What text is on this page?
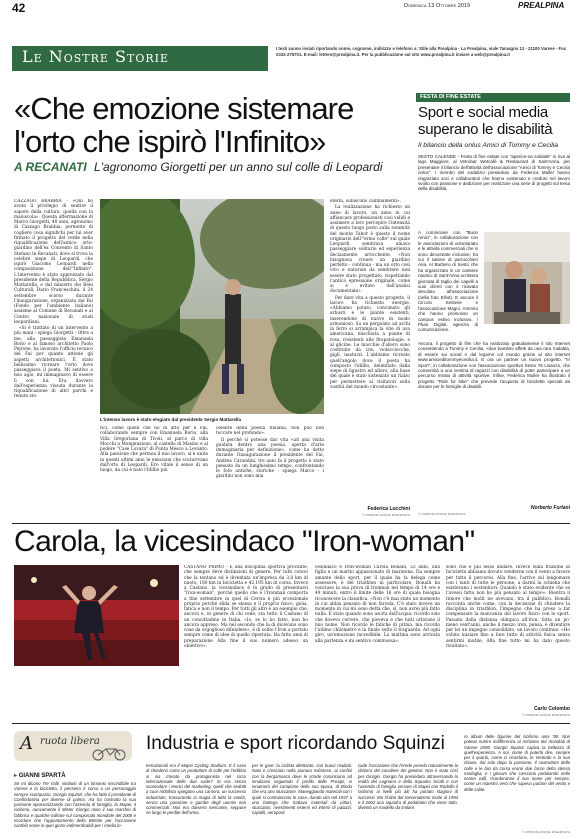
42	Domenica 13 Ottobre 2019	PREALPINA
Le Nostre Storie	I testi vanno inviati riportando nome, cognome, indirizzo e telefono a: Stile alla Prealpina - La Prealpina, viale Tamagno 13 - 21100 Varese - Fax 0332-275701. E-mail: lettere@prealpina.it. Per la pubblicazione sul sito www.prealpina.it inviare a web@prealpina.it
«Che emozione sistemare l'orto che ispirò l'Infinito»
A RECANATI L'agronomo Giorgetti per un anno sul colle di Leopardi

CAZZAGO BRABBIA - «Qui ho avuto il privilegio di sentire il sapore della cultura, quella con la maiuscola». Questa affermazione di Marco Giorgetti, 40 anni, agronomo di Cazzago Brabbia, permette di cogliere cosa significhi per lui aver firmato il progetto del verde nella riqualificazione dell'antico orto-giardino dell'ex Convento di Santo Stefano in Recanati, dove si trova la celebre siepe di Leopardi, che ispirò Giacomo Leopardi nella composizione dell'"Infinito". L'intervento è stato apprezzato dal presidente della Repubblica, Sergio Mattarella, e dal ministro dei Beni Culturali, Dario Franceschini, il 24 settembre scorso durante l'inaugurazione, organizzata dal Fai (Fondo per l'ambiente italiano) assieme al Comune di Recanati e al Centro nazionale di studi leopardiani.

«Si è trattato di un intervento a più mani - spiega Giorgetti - Oltre a me, alla paesaggista Emanuela Borio e al famoso architetto Paolo Pejrone, ha lavorato l'ufficio tecnico del Fai per quanto attiene gli aspetti architettonici. È stato bellissimo ricreare l'orto dove passeggiava il poeta. Mi sentivo a mio agio, mi immaginavo di essere lì con lui. Era davvero dall'esperienza vissuta durante la riqualificazione di altri parchi e tenute sto-

L'intenso lavoro è stato elogiato dal presidente Sergio Mattarella

rici, come quelli che ho in atto per il Fai, collaborando sempre con Emanuela Borio, alla Villa Gregoriana di Tivoli, al parco di villa Mocchi a Mongenzione, al castello di Masino e al podere "Case Lovara" di Punta Mesco a Levanto. Alla passione che permea il mio lavoro, si è unita in questi ultimi anni le emozioni che scaturivano dall'orto di Leopardi. Ero vitale il senso di un luogo, da cui è nato l'Idillio più

celebre della poesia italiana, non può non toccare nel profondo».

Il perché si potesse dar vita «ad una visita guidata dentro una poesia, aperta d'arte immaginaria per definizione», come ha detto durante l'inaugurazione il presidente del Fai, Andrea Carandini, tre anni fa il progetto è stato pensato da un lunghissimo tempo, confrontando le foto antiche, storiche - spiega Marco - i giardini non sono mai

eterni, subiscono cambiamenti».

La realizzazione ha richiesto un anno di lavoro, un anno in cui affiancare professionisti così validi e assimere a loro percepire l'intensità di questo luogo posto sulla sommità del monte Tabor è questo il nome originario dell'"ermo colle" sul quale Leopardi sembrava amava passeggiare solitario ed esperienza decisamente arricchente. «Non bisognava creare un giardino perfetto - continua - ma un orto così vivo e naturale da sembrare non essere stato progettato, rispettando l'antica epressione originale, come si è evitato dall'analisi documentale».

Per dare vita a questo progetto, il lavoro ha richiesto energie. «Abbiamo potato, concimato gli arbusti e le piante esistenti, inserendone di nuove in modo armonioso. Su un pergolato ad archi in ferro si arrampica la vite di uva americana, mischiata a piante di rosa, resistenti alle fitopatologie, e al glicine. Le macchie d'alloro sono costituite da iris, violacciocche, gigli, nasturzi. L'abbiamo ricreato quell'angolo dove il poeta ha composto l'idillio, delimitato dalla siepe di ligustro ed alloro, alla base del quale è stato sistemato un rialzo per permettere ai visitatori sulla vastità del mondo circostante».

Federica Lucchini
© RIPRODUZIONE RISERVATA
FESTA DI FINE ESTATE
Sport e social media superano le disabilità
Il bilancio della onlus Amici di Tommy e Cecilia
SESTO CALENDE - Festa di fine estate con "aperice-na solidale" in riva al lago Maggiore, al Vetrobar Wetcafè & Restaurant di Sant'Anna, per presentare il bilancio dell'attività dell'associazione "Amici di Tommy e Cecilia onlus". I membri del sodalizio presieduto da Federica Muller hanno ringraziato soci e collaboratori che hanno sostenuto e creduto nel lavoro svolto con passione e dedizione per realizzare una serie di progetti sul tema della disabilità.
A cominciare con "Buon Amici", in collaborazione con le associazioni di volontariato e le attività commerciali che si sono dimostrate inclusive, tra cui il salone di parrucchieri Aria. Al Barbero di Sesto che ha organizzato in un cantiere nautico di Sant'Anna un'intera giornata di taglio dei capelli a suoi clienti con il ricavato devoluto all'associazione (nella foto Elliot). E ancora il Circolo Sestese e l'associazione Magni. Ammiro che hanno promosso un campus estivo inclusivo, i Pluto Digital, agenzia di comunicazione.
Ancora, il progetto di film che ha realizzato gratuitamente il sito Internet consentendo a Tommy e Cecilia, «due bambini affetti da una rara malattia, di essere sui social e dal legame col mondo grazie al sito internet www.amicieditommyececilia.it. E ora un partner un nuovo progetto, "In Sport", in collaborazione con l'associazione sportiva Sesto 76 Lisanza, che consentirà a una ventina di ragazzi con disabilità di poter partecipare a un percorso mirato di attività sportive. Infine, Federica Muller ha illustrato il progetto "Ride for bike" che prevede l'acquisto di biciclette speciali da donare per le famiglie di disabili.
Norberto Furlani
© RIPRODUZIONE RISERVATA
Carola, la vicesindaco "Iron-woman"
CASTANO PRIMO - È una disciplina sportiva provante, che sempre deve distinzioni di genere. Per tutti coloro che la tentano ed è diventata un'impresa da 3,8 km di nuoto, 180 km in bicicletta e 42,195 km di corsa. Invece a Castano, la vicesindaco è in grado di presentarsi "Iron-woman", perché quello che è l'Ironman comporta a fine settembre in quel di Cervia è più eccezionale proprio perché sfida se stessa e il proprio fisico, gioia, fatica e non il tempo. Per tutti gli altri è un esempio che, ancora e, in genere di chi vede, sta tutto il Castano di un concittadino in Italia. «Io, se lo ho fatto, non ho ancora appreso. Ma nel secondo che la di dicevano sono cose da orgoglioso difendere», è di solito l'Iron a portato sempre come di idee di quello riportata. Ha fatto anni di preparazione Alla fine il suo numero adesso un obiettivo».
cesindaco e Iron-woman Carola Bonalli, 53 anni, una figlia e un marito appassionato di maratona. Da sempre amante dello sport, per il quale ha la delega come assessore, è del triathlon in particolare, Bonalli ha concluso la sua prova di Ironman nel tempo di 14 ore e 49 minuti, entro il limite delle 16 ore di quale bisogna riconoscere la classifica. «Non c'è mai stato un momento in cui abbia pensato di non farcela. C'è stato invece un momento in cui mi sono detta che, sì, non avrei più fatto nulla. È stato quando sono uscita dall'acqua: ricordo solo che dovevo correre, che pioveva e che tutti urlavano il mio nome. Non ricordo le fatiche di prima, ma ricordo l'ultimo chilometro e la finale sotto il traguardo. Ad ogni giro, un'emozione incredibile. La mattina sono arrivata alla partenza e mi sentivo commossa».
sono che è più lesso andare. Invece sulla frazione in bicicletta abbiamo dovuto venderne con il vento a favore per tutto il percorso. Alla fine, l'arrivo sul lungomare con i tanti di tutte le persone, a darmi la schiena che esistevano i sostenitori: Quando è stato evidente che se l'avessi fatto non ho più pensato al tempo». Rientra il timore che molti ne avevano, tra il pubblico. Bonalli racconta anche come, con la decisione di chiudere la disciplina in triathlon, l'impegno che ha preso a far compensare la mancanza del lavoro fisico con lo sport. Passata dalla distanza olimpica all'iron, fatta un po' meno vent'anni, anche il mezzo iron, pensa, è diventare per lei un impegno consolidato, un lavoro continuo. «Ho voluto iniziare fino a fare tutto di attività fisica senza sentirmi inutile. Alla fine tutto mi ha dato questo risultato».
Carlo Colombo
© RIPRODUZIONE RISERVATA
A ruota libera
▸ GIANNI SPARTÀ
Industria e sport ricordando Squinzi
Se mi dicono Tre Valli, simbolo di un binomio inscindibile tra Varese e la bicicletta, il pensiero è corso a un personaggio sempre scomparso, Giorgio Squinzi, che ha fatto il presidente di Confindustria per diverse di palma, ma ha costruito la sua passione sponsorizzando con l'azienda di famiglia, la Mapei, il ciclismo, nuovamente il Mister Giorgio mise il suo marchio di fabbrica e qualche milione sul campionato mondiale del 2008 e ricordare che l'appuntamento della Bettole per l'occasione cambiò nome in quei giorni indimenticabili per i media in-
ternazionali era il Mapei Cycling Stadium. E il caso di chiederci come un produttore di colle per l'edilizia si sia trovato da protagonista nel circo internazionale delle due ruote? Si era senza scomodare i teorici del marketing, quelli che sedotti a cuor nichilista spiegano una carriera, un successo industriale, trascurando la magia di tutto la vanità, senza una passione e gambe degli uomini non commerciali. Non era davvero mercante, seppure ne largo le perdite dell'anno.
per le gare: la ciclista dilettante, con buoni risultati. Nato e cresciuto nella pianura milanese, ai confini con la bergamasca dove le strade cominciano ad innalzarsi seguendo il profilo delle Prealpi, si innamorò del campione della sua epoca, di Binda che era uno stuccatore. Maneggiando materiali con i quali si costruiscono le case, dando vita nel 1937 a una bottega che trattava materiali da pittori, stuccatori, rivestimenti esterni ed interni di palazzi, capidili, aeroporti.
cade l'occasione che l'erede prenda naturalmente la chitarra del cavaliere dei genitori. Non è stato così per Giorgio. Giorgio ha presieduto attraversando la realtà del Legnano e della Squadra Scotti e con l'azienda di famiglia versare di Mapei con Rodolfo il ciclismo ai livelli più alti ha portato stagioni di successi. Ma l'inizio del mecenatismo risale al 1994 e il 2002 una squadra di pedalatori che vinse tutto, diventò un modello da imitare.
ro album delle figurine del ciclismo anni '90. Non potevo nutrire indifferenza al richiamo dei mondiali di Varese 2008, Giorgio Squinzi capiva la bellezza di quell'esperienza. A noi, come di poterlo dire, sempre per il quarto, come ci ricordano, le Ventotto e la sua chiave, dal solo dopo la passione. Il costruttore delle colle e le bici da corsa erano due facce della stessa medaglia, e i giovani che crescono pedalando nelle nostre valli, ricorderanno il suo nome per sempre, come un maestro vero che sapeva parlare del vento e delle salite.
© RIPRODUZIONE RISERVATA
